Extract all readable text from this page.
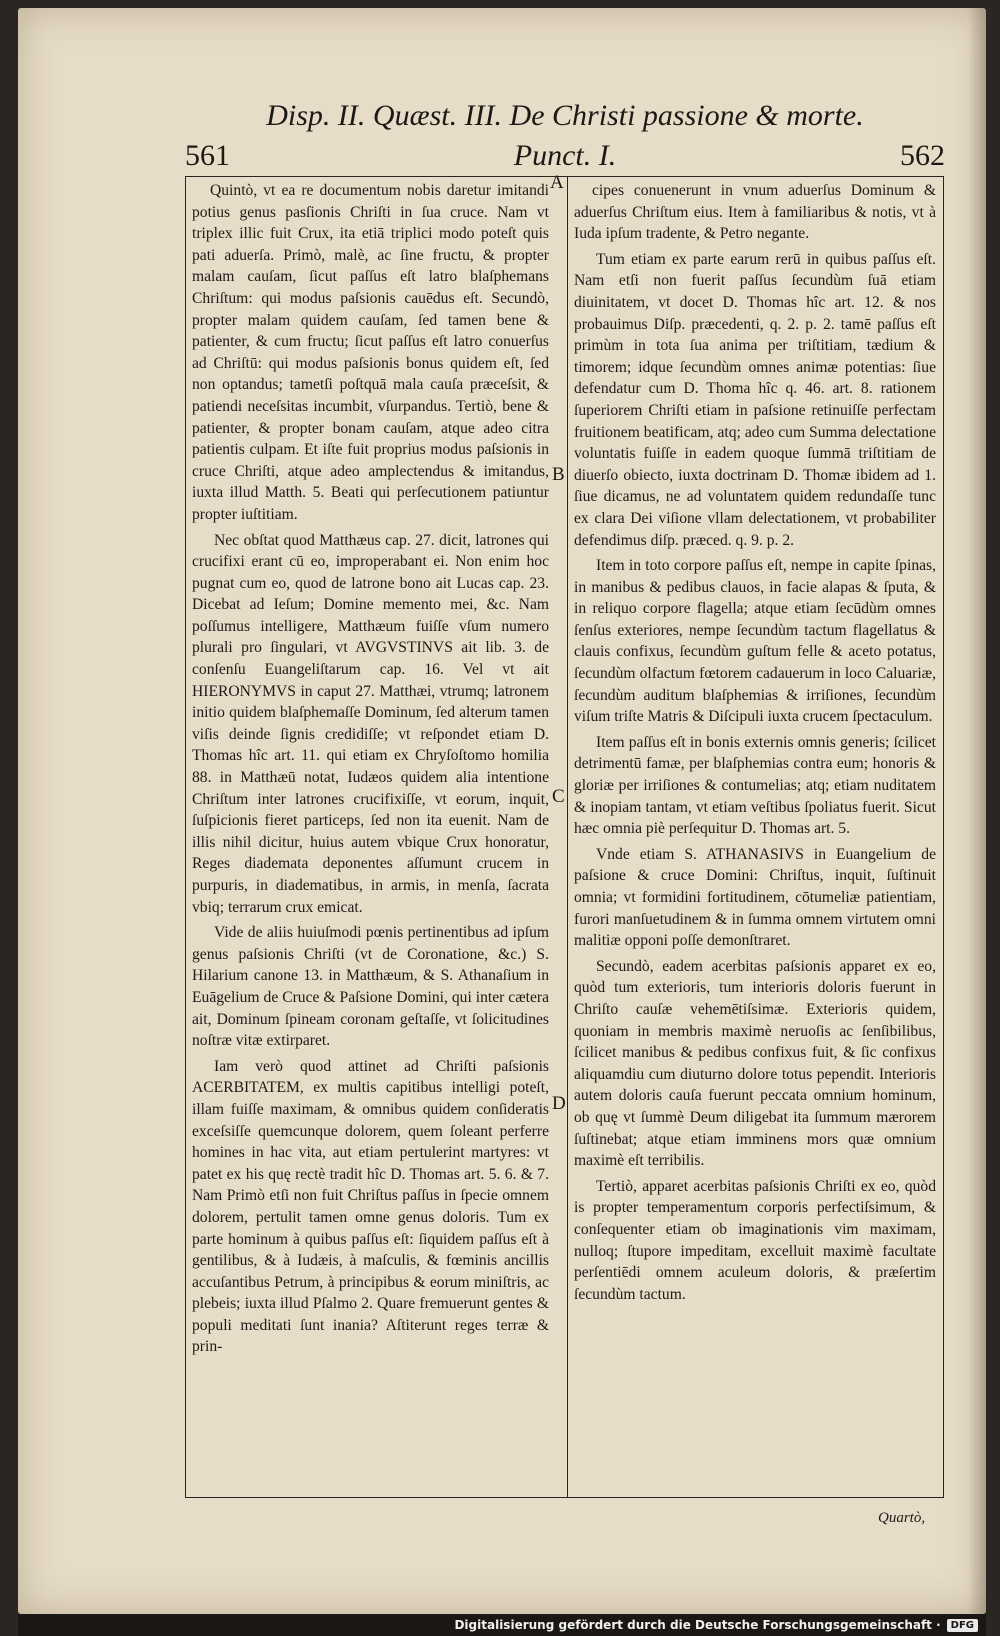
561
Disp. II. Quæst. III. De Christi passione & morte. Punct. I.	562

Quintò, vt ea re documentum nobis daretur imitandi potius genus pasſionis Chriſti in ſua cruce. Nam vt triplex illic fuit Crux, ita etiā triplici modo poteſt quis pati aduerſa. Primò, malè, ac ſine fructu, & propter malam cauſam, ſicut paſſus eſt latro blaſphemans Chriſtum: qui modus paſsionis cauēdus eſt. Secundò, propter malam quidem cauſam, ſed tamen bene & patienter, & cum fructu; ſicut paſſus eſt latro conuerſus ad Chriſtū: qui modus paſsionis bonus quidem eſt, ſed non optandus; tametſi poſtquā mala cauſa præceſsit, & patiendi neceſsitas incumbit, vſurpandus. Tertiò, bene & patienter, & propter bonam cauſam, atque adeo citra patientis culpam. Et iſte fuit proprius modus paſsionis in cruce Chriſti, atque adeo amplectendus & imitandus, iuxta illud Matth. 5. Beati qui perſecutionem patiuntur propter iuſtitiam.

Nec obſtat quod Matthæus cap. 27. dicit, latrones qui crucifixi erant cū eo, improperabant ei. Non enim hoc pugnat cum eo, quod de latrone bono ait Lucas cap. 23. Dicebat ad Ieſum; Domine memento mei, &c. Nam poſſumus intelligere, Matthæum fuiſſe vſum numero plurali pro ſingulari, vt AVGVSTINVS ait lib. 3. de conſenſu Euangeliſtarum cap. 16. Vel vt ait HIERONYMVS in caput 27. Matthæi, vtrumq; latronem initio quidem blaſphemaſſe Dominum, ſed alterum tamen viſis deinde ſignis credidiſſe; vt reſpondet etiam D. Thomas hîc art. 11. qui etiam ex Chryſoſtomo homilia 88. in Matthæū notat, Iudæos quidem alia intentione Chriſtum inter latrones crucifixiſſe, vt eorum, inquit, ſuſpicionis fieret particeps, ſed non ita euenit. Nam de illis nihil dicitur, huius autem vbique Crux honoratur, Reges diademata deponentes aſſumunt crucem in purpuris, in diadematibus, in armis, in menſa, ſacrata vbiq; terrarum crux emicat.

Vide de aliis huiuſmodi pœnis pertinentibus ad ipſum genus paſsionis Chriſti (vt de Coronatione, &c.) S. Hilarium canone 13. in Matthæum, & S. Athanaſium in Euāgelium de Cruce & Paſsione Domini, qui inter cætera ait, Dominum ſpineam coronam geſtaſſe, vt ſolicitudines noſtræ vitæ extirparet.

Iam verò quod attinet ad Chriſti paſsionis ACERBITATEM, ex multis capitibus intelligi poteſt, illam fuiſſe maximam, & omnibus quidem conſideratis exceſsiſſe quemcunque dolorem, quem ſoleant perferre homines in hac vita, aut etiam pertulerint martyres: vt patet ex his quę rectè tradit hîc D. Thomas art. 5. 6. & 7. Nam Primò etſi non fuit Chriſtus paſſus in ſpecie omnem dolorem, pertulit tamen omne genus doloris. Tum ex parte hominum à quibus paſſus eſt: ſiquidem paſſus eſt à gentilibus, & à Iudæis, à maſculis, & fœminis ancillis accuſantibus Petrum, à principibus & eorum miniſtris, ac plebeis; iuxta illud Pſalmo 2. Quare fremuerunt gentes & populi meditati ſunt inania? Aſtiterunt reges terræ & prin-

cipes conuenerunt in vnum aduerſus Dominum & aduerſus Chriſtum eius. Item à familiaribus & notis, vt à Iuda ipſum tradente, & Petro negante.

Tum etiam ex parte earum rerū in quibus paſſus eſt. Nam etſi non fuerit paſſus ſecundùm ſuā etiam diuinitatem, vt docet D. Thomas hîc art. 12. & nos probauimus Diſp. præcedenti, q. 2. p. 2. tamē paſſus eſt primùm in tota ſua anima per triſtitiam, tædium & timorem; idque ſecundùm omnes animæ potentias: ſiue defendatur cum D. Thoma hîc q. 46. art. 8. rationem ſuperiorem Chriſti etiam in paſsione retinuiſſe perfectam fruitionem beatificam, atq; adeo cum Summa delectatione voluntatis fuiſſe in eadem quoque ſummā triſtitiam de diuerſo obiecto, iuxta doctrinam D. Thomæ ibidem ad 1. ſiue dicamus, ne ad voluntatem quidem redundaſſe tunc ex clara Dei viſione vllam delectationem, vt probabiliter defendimus diſp. præced. q. 9. p. 2.

Item in toto corpore paſſus eſt, nempe in capite ſpinas, in manibus & pedibus clauos, in facie alapas & ſputa, & in reliquo corpore flagella; atque etiam ſecūdùm omnes ſenſus exteriores, nempe ſecundùm tactum flagellatus & clauis confixus, ſecundùm guſtum felle & aceto potatus, ſecundùm olfactum fœtorem cadauerum in loco Caluariæ, ſecundùm auditum blaſphemias & irriſiones, ſecundùm viſum triſte Matris & Diſcipuli iuxta crucem ſpectaculum.

Item paſſus eſt in bonis externis omnis generis; ſcilicet detrimentū famæ, per blaſphemias contra eum; honoris & gloriæ per irriſiones & contumelias; atq; etiam nuditatem & inopiam tantam, vt etiam veſtibus ſpoliatus fuerit. Sicut hæc omnia piè perſequitur D. Thomas art. 5.

Vnde etiam S. ATHANASIVS in Euangelium de paſsione & cruce Domini: Chriſtus, inquit, ſuſtinuit omnia; vt formidini fortitudinem, cōtumeliæ patientiam, furori manſuetudinem & in ſumma omnem virtutem omni malitiæ opponi poſſe demonſtraret.

Secundò, eadem acerbitas paſsionis apparet ex eo, quòd tum exterioris, tum interioris doloris fuerunt in Chriſto cauſæ vehemētiſsimæ. Exterioris quidem, quoniam in membris maximè neruoſis ac ſenſibilibus, ſcilicet manibus & pedibus confixus fuit, & ſic confixus aliquamdiu cum diuturno dolore totus pependit. Interioris autem doloris cauſa fuerunt peccata omnium hominum, ob quę vt ſummè Deum diligebat ita ſummum mærorem ſuſtinebat; atque etiam imminens mors quæ omnium maximè eſt terribilis.

Tertiò, apparet acerbitas paſsionis Chriſti ex eo, quòd is propter temperamentum corporis perfectiſsimum, & conſequenter etiam ob imaginationis vim maximam, nulloq; ſtupore impeditam, excelluit maximè facultate perſentiēdi omnem aculeum doloris, & præſertim ſecundùm tactum.

A
B
C
D
Quartò,
Digitalisierung gefördert durch die Deutsche Forschungsgemeinschaft ·	DFG
